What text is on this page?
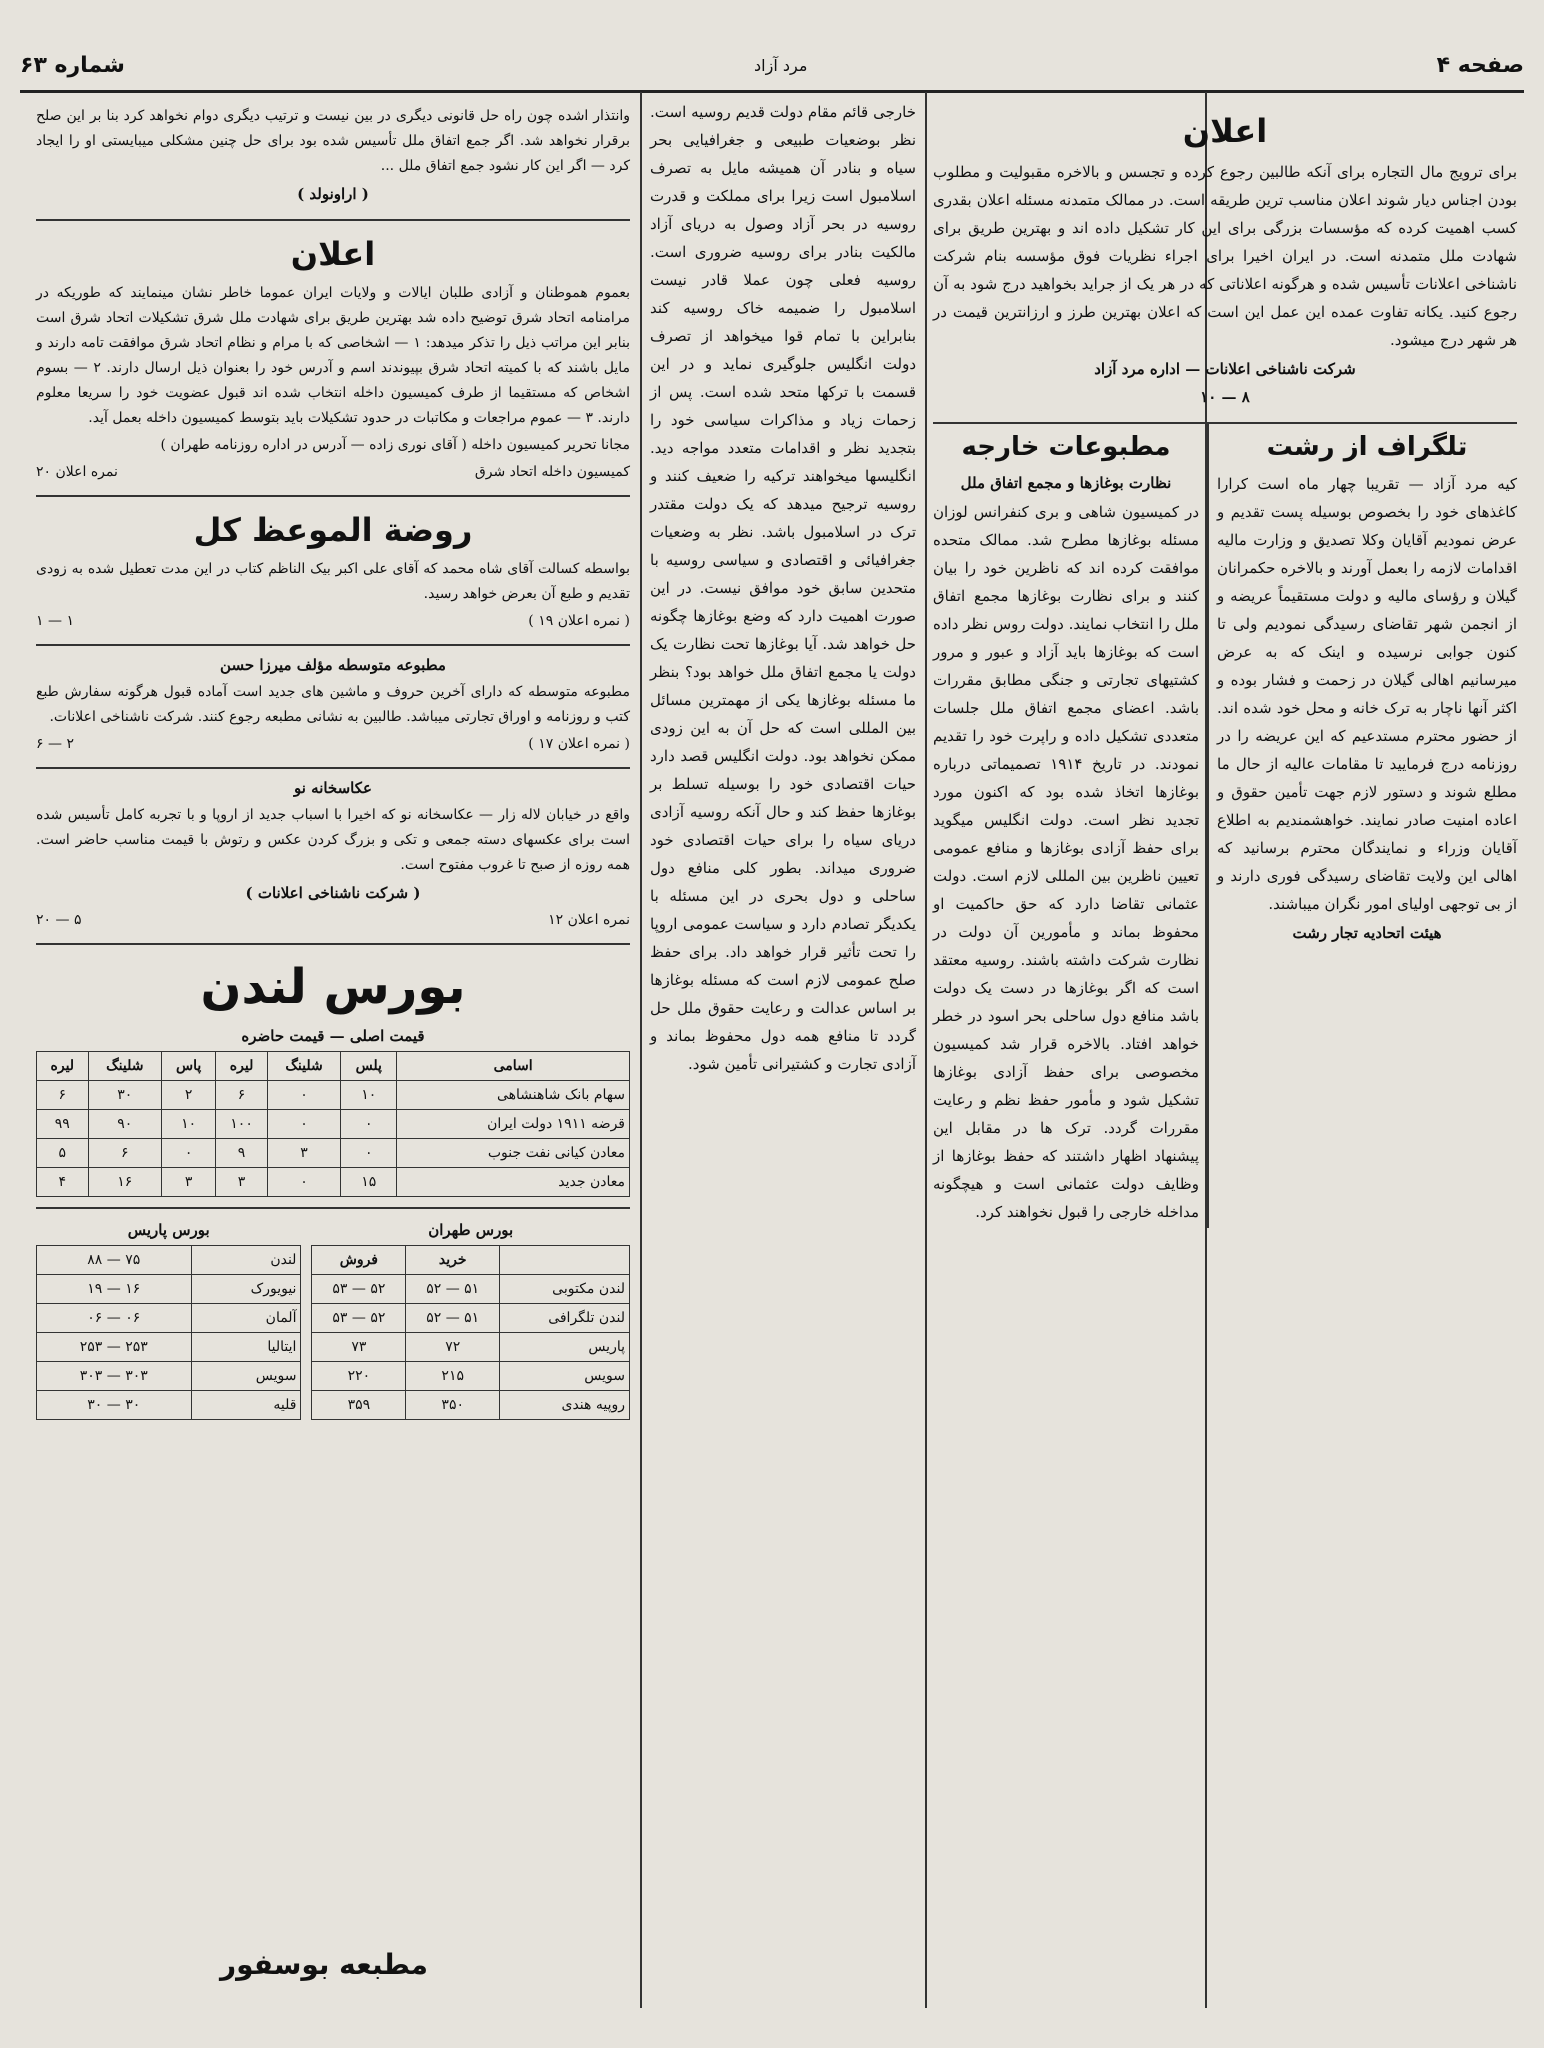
صفحه ۴
مرد آزاد
شماره ۶۳
اعلان

برای ترویج مال التجاره برای آنکه طالبین رجوع کرده و تجسس و بالاخره مقبولیت و مطلوب بودن اجناس دیار شوند اعلان مناسب ترین طریقه است. در ممالک متمدنه مسئله اعلان بقدری کسب اهمیت کرده که مؤسسات بزرگی برای این کار تشکیل داده اند و بهترین طریق برای شهادت ملل متمدنه است. در ایران اخیرا برای اجراء نظریات فوق مؤسسه بنام شرکت ناشناخی اعلانات تأسیس شده و هرگونه اعلاناتی که در هر یک از جراید بخواهید درج شود به آن رجوع کنید. یکانه تفاوت عمده این عمل این است که اعلان بهترین طرز و ارزانترین قیمت در هر شهر درج میشود.

شرکت ناشناخی اعلانات — اداره مرد آزاد

۸ — ۱۰

تلگراف از رشت

کیه مرد آزاد — تقریبا چهار ماه است کرارا کاغذهای خود را بخصوص بوسیله پست تقدیم و عرض نمودیم آقایان وکلا تصدیق و وزارت مالیه اقدامات لازمه را بعمل آورند و بالاخره حکمرانان گیلان و رؤسای مالیه و دولت مستقیماً عریضه و از انجمن شهر تقاضای رسیدگی نمودیم ولی تا کنون جوابی نرسیده و اینک که به عرض میرسانیم اهالی گیلان در زحمت و فشار بوده و اکثر آنها ناچار به ترک خانه و محل خود شده اند. از حضور محترم مستدعیم که این عریضه را در روزنامه درج فرمایید تا مقامات عالیه از حال ما مطلع شوند و دستور لازم جهت تأمین حقوق و اعاده امنیت صادر نمایند. خواهشمندیم به اطلاع آقایان وزراء و نمایندگان محترم برسانید که اهالی این ولایت تقاضای رسیدگی فوری دارند و از بی توجهی اولیای امور نگران میباشند.

هیئت اتحادیه تجار رشت

مطبوعات خارجه

نظارت بوغازها و مجمع اتفاق ملل

در کمیسیون شاهی و بری کنفرانس لوزان مسئله بوغازها مطرح شد. ممالک متحده موافقت کرده اند که ناظرین خود را بیان کنند و برای نظارت بوغازها مجمع اتفاق ملل را انتخاب نمایند. دولت روس نظر داده است که بوغازها باید آزاد و عبور و مرور کشتیهای تجارتی و جنگی مطابق مقررات باشد. اعضای مجمع اتفاق ملل جلسات متعددی تشکیل داده و راپرت خود را تقدیم نمودند. در تاریخ ۱۹۱۴ تصمیماتی درباره بوغازها اتخاذ شده بود که اکنون مورد تجدید نظر است. دولت انگلیس میگوید برای حفظ آزادی بوغازها و منافع عمومی تعیین ناظرین بین المللی لازم است. دولت عثمانی تقاضا دارد که حق حاکمیت او محفوظ بماند و مأمورین آن دولت در نظارت شرکت داشته باشند. روسیه معتقد است که اگر بوغازها در دست یک دولت باشد منافع دول ساحلی بحر اسود در خطر خواهد افتاد. بالاخره قرار شد کمیسیون مخصوصی برای حفظ آزادی بوغازها تشکیل شود و مأمور حفظ نظم و رعایت مقررات گردد. ترک ها در مقابل این پیشنهاد اظهار داشتند که حفظ بوغازها از وظایف دولت عثمانی است و هیچگونه مداخله خارجی را قبول نخواهند کرد.

خارجی قائم مقام دولت قدیم روسیه است. نظر بوضعیات طبیعی و جغرافیایی بحر سیاه و بنادر آن همیشه مایل به تصرف اسلامبول است زیرا برای مملکت و قدرت روسیه در بحر آزاد وصول به دریای آزاد مالکیت بنادر برای روسیه ضروری است. روسیه فعلی چون عملا قادر نیست اسلامبول را ضمیمه خاک روسیه کند بنابراین با تمام قوا میخواهد از تصرف دولت انگلیس جلوگیری نماید و در این قسمت با ترکها متحد شده است. پس از زحمات زیاد و مذاکرات سیاسی خود را بتجدید نظر و اقدامات متعدد مواجه دید. انگلیسها میخواهند ترکیه را ضعیف کنند و روسیه ترجیح میدهد که یک دولت مقتدر ترک در اسلامبول باشد. نظر به وضعیات جغرافیائی و اقتصادی و سیاسی روسیه با متحدین سابق خود موافق نیست. در این صورت اهمیت دارد که وضع بوغازها چگونه حل خواهد شد. آیا بوغازها تحت نظارت یک دولت یا مجمع اتفاق ملل خواهد بود؟ بنظر ما مسئله بوغازها یکی از مهمترین مسائل بین المللی است که حل آن به این زودی ممکن نخواهد بود. دولت انگلیس قصد دارد حیات اقتصادی خود را بوسیله تسلط بر بوغازها حفظ کند و حال آنکه روسیه آزادی دریای سیاه را برای حیات اقتصادی خود ضروری میداند. بطور کلی منافع دول ساحلی و دول بحری در این مسئله با یکدیگر تصادم دارد و سیاست عمومی اروپا را تحت تأثیر قرار خواهد داد. برای حفظ صلح عمومی لازم است که مسئله بوغازها بر اساس عدالت و رعایت حقوق ملل حل گردد تا منافع همه دول محفوظ بماند و آزادی تجارت و کشتیرانی تأمین شود.

وانتذار اشده چون راه حل قانونی دیگری در بین نیست و ترتیب دیگری دوام نخواهد کرد بنا بر این صلح برقرار نخواهد شد. اگر جمع اتفاق ملل تأسیس شده بود برای حل چنین مشکلی میبایستی او را ایجاد کرد — اگر این کار نشود جمع اتفاق ملل ...

( اراونولد )

اعلان

بعموم هموطنان و آزادی طلبان ایالات و ولایات ایران عموما خاطر نشان مینمایند که طوریکه در مرامنامه اتحاد شرق توضیح داده شد بهترین طریق برای شهادت ملل شرق تشکیلات اتحاد شرق است بنابر این مراتب ذیل را تذکر میدهد: ۱ — اشخاصی که با مرام و نظام اتحاد شرق موافقت تامه دارند و مایل باشند که با کمیته اتحاد شرق بپیوندند اسم و آدرس خود را بعنوان ذیل ارسال دارند. ۲ — بسوم اشخاص که مستقیما از طرف کمیسیون داخله انتخاب شده اند قبول عضویت خود را سریعا معلوم دارند. ۳ — عموم مراجعات و مکاتبات در حدود تشکیلات باید بتوسط کمیسیون داخله بعمل آید.

مجانا تحریر کمیسیون داخله ( آقای نوری زاده — آدرس در اداره روزنامه طهران )

کمیسیون داخله اتحاد شرق
نمره اعلان ۲۰
روضة الموعظ کل

بواسطه کسالت آقای شاه محمد که آقای علی اکبر بیک الناظم کتاب در این مدت تعطیل شده به زودی تقدیم و طبع آن بعرض خواهد رسید.

( نمره اعلان ۱۹ )
۱ — ۱

مطبوعه متوسطه مؤلف میرزا حسن

مطبوعه متوسطه که دارای آخرین حروف و ماشین های جدید است آماده قبول هرگونه سفارش طبع کتب و روزنامه و اوراق تجارتی میباشد. طالبین به نشانی مطبعه رجوع کنند. شرکت ناشناخی اعلانات.

( نمره اعلان ۱۷ )
۲ — ۶

عکاسخانه نو

واقع در خیابان لاله زار — عکاسخانه نو که اخیرا با اسباب جدید از اروپا و با تجربه کامل تأسیس شده است برای عکسهای دسته جمعی و تکی و بزرگ کردن عکس و رتوش با قیمت مناسب حاضر است. همه روزه از صبح تا غروب مفتوح است.

( شرکت ناشناخی اعلانات )

نمره اعلان ۱۲
۵ — ۲۰
بورس لندن

قیمت اصلی — قیمت حاضره

اسامی	پلس	شلینگ	لیره	پاس	شلینگ	لیره
سهام بانک شاهنشاهی	۱۰	۰	۶	۲	۳۰	۶
قرضه ۱۹۱۱ دولت ایران	۰	۰	۱۰۰	۱۰	۹۰	۹۹
معادن کیانی نفت جنوب	۰	۳	۹	۰	۶	۵
معادن جدید	۱۵	۰	۳	۳	۱۶	۴

بورس طهران

	خرید	فروش
لندن مکتوبی	۵۱ — ۵۲	۵۲ — ۵۳
لندن تلگرافی	۵۱ — ۵۲	۵۲ — ۵۳
پاریس	۷۲	۷۳
سویس	۲۱۵	۲۲۰
روپیه هندی	۳۵۰	۳۵۹

بورس پاریس

لندن	۷۵ — ۸۸
نیویورک	۱۶ — ۱۹
آلمان	۰۶ — ۰۶
ایتالیا	۲۵۳ — ۲۵۳
سویس	۳۰۳ — ۳۰۳
قلیه	۳۰ — ۳۰
مطبعه بوسفور
